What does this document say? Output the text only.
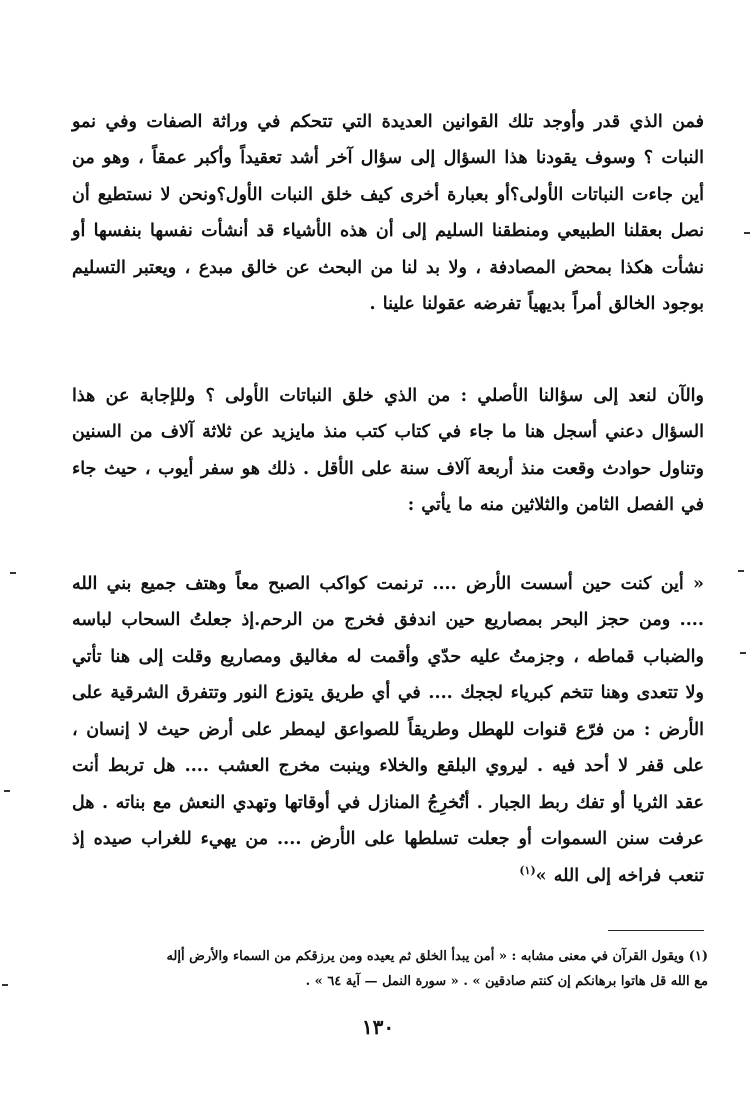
فمن الذي قدر وأوجد تلك القوانين العديدة التي تتحكم في وراثة الصفات وفي نمو النبات ؟ وسوف يقودنا هذا السؤال إلى سؤال آخر أشد تعقيداً وأكبر عمقاً ، وهو من أين جاءت النباتات الأولى؟أو بعبارة أخرى كيف خلق النبات الأول؟ونحن لا نستطيع أن نصل بعقلنا الطبيعي ومنطقنا السليم إلى أن هذه الأشياء قد أنشأت نفسها بنفسها أو نشأت هكذا بمحض المصادفة ، ولا بد لنا من البحث عن خالق مبدع ، ويعتبر التسليم بوجود الخالق أمراً بديهياً تفرضه عقولنا علينا .

والآن لنعد إلى سؤالنا الأصلي : من الذي خلق النباتات الأولى ؟ وللإجابة عن هذا السؤال دعني أسجل هنا ما جاء في كتاب كتب منذ مايزيد عن ثلاثة آلاف من السنين وتناول حوادث وقعت منذ أربعة آلاف سنة على الأقل . ذلك هو سفر أيوب ، حيث جاء في الفصل الثامن والثلاثين منه ما يأتي :

« أين كنت حين أسست الأرض .... ترنمت كواكب الصبح معاً وهتف جميع بني الله .... ومن حجز البحر بمصاريع حين اندفق فخرج من الرحم.إذ جعلتُ السحاب لباسه والضباب قماطه ، وجزمتُ عليه حدّي وأقمت له مغاليق ومصاريع وقلت إلى هنا تأتي ولا تتعدى وهنا تتخم كبرياء لججك .... في أي طريق يتوزع النور وتتفرق الشرقية على الأرض : من فرّع قنوات للهطل وطريقاً للصواعق ليمطر على أرض حيث لا إنسان ، على قفر لا أحد فيه . ليروي البلقع والخلاء وينبت مخرج العشب .... هل تربط أنت عقد الثريا أو تفك ربط الجبار . أتُخرِجُ المنازل في أوقاتها وتهدي النعش مع بناته . هل عرفت سنن السموات أو جعلت تسلطها على الأرض .... من يهيء للغراب صيده إذ تنعب فراخه إلى الله »$^{(١)}$

(١) ويقول القرآن في معنى مشابه : « أمن يبدأ الخلق ثم يعيده ومن يرزقكم من السماء والأرض أإله
مع الله قل هاتوا برهانكم إن كنتم صادقين » . « سورة النمل — آية ٦٤ » .
١٣٠
